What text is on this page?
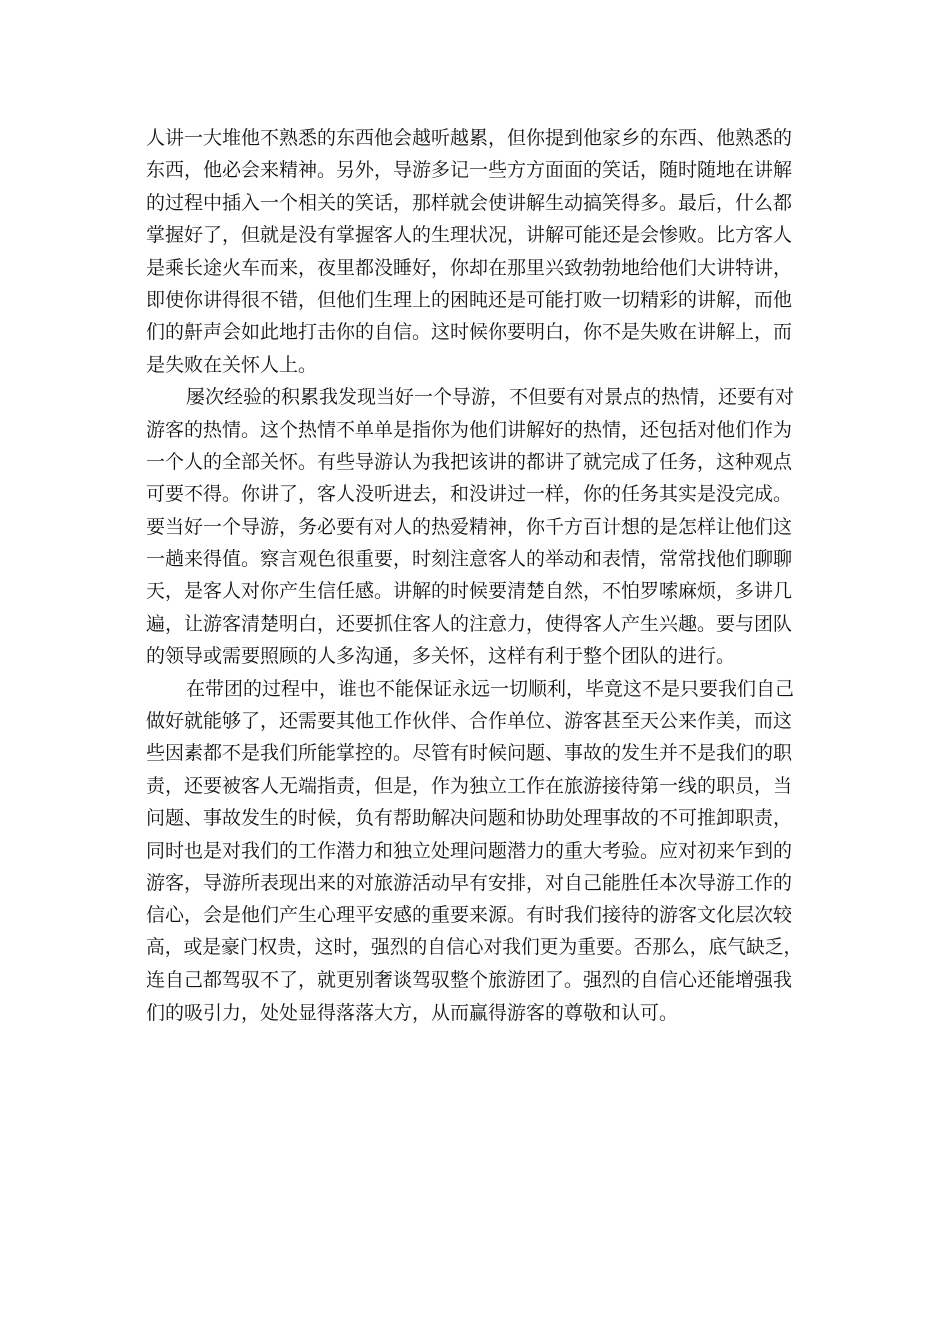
人讲一大堆他不熟悉的东西他会越听越累，但你提到他家乡的东西、他熟悉的
东西，他必会来精神。另外，导游多记一些方方面面的笑话，随时随地在讲解
的过程中插入一个相关的笑话，那样就会使讲解生动搞笑得多。最后，什么都
掌握好了，但就是没有掌握客人的生理状况，讲解可能还是会惨败。比方客人
是乘长途火车而来，夜里都没睡好，你却在那里兴致勃勃地给他们大讲特讲，
即使你讲得很不错，但他们生理上的困盹还是可能打败一切精彩的讲解，而他
们的鼾声会如此地打击你的自信。这时候你要明白，你不是失败在讲解上，而
是失败在关怀人上。

屡次经验的积累我发现当好一个导游，不但要有对景点的热情，还要有对
游客的热情。这个热情不单单是指你为他们讲解好的热情，还包括对他们作为
一个人的全部关怀。有些导游认为我把该讲的都讲了就完成了任务，这种观点
可要不得。你讲了，客人没听进去，和没讲过一样，你的任务其实是没完成。
要当好一个导游，务必要有对人的热爱精神，你千方百计想的是怎样让他们这
一趟来得值。察言观色很重要，时刻注意客人的举动和表情，常常找他们聊聊
天，是客人对你产生信任感。讲解的时候要清楚自然，不怕罗嗦麻烦，多讲几
遍，让游客清楚明白，还要抓住客人的注意力，使得客人产生兴趣。要与团队
的领导或需要照顾的人多沟通，多关怀，这样有利于整个团队的进行。

在带团的过程中，谁也不能保证永远一切顺利，毕竟这不是只要我们自己
做好就能够了，还需要其他工作伙伴、合作单位、游客甚至天公来作美，而这
些因素都不是我们所能掌控的。尽管有时候问题、事故的发生并不是我们的职
责，还要被客人无端指责，但是，作为独立工作在旅游接待第一线的职员，当
问题、事故发生的时候，负有帮助解决问题和协助处理事故的不可推卸职责，
同时也是对我们的工作潜力和独立处理问题潜力的重大考验。应对初来乍到的
游客，导游所表现出来的对旅游活动早有安排，对自己能胜任本次导游工作的
信心，会是他们产生心理平安感的重要来源。有时我们接待的游客文化层次较
高，或是豪门权贵，这时，强烈的自信心对我们更为重要。否那么，底气缺乏，
连自己都驾驭不了，就更别奢谈驾驭整个旅游团了。强烈的自信心还能增强我
们的吸引力，处处显得落落大方，从而赢得游客的尊敬和认可。
